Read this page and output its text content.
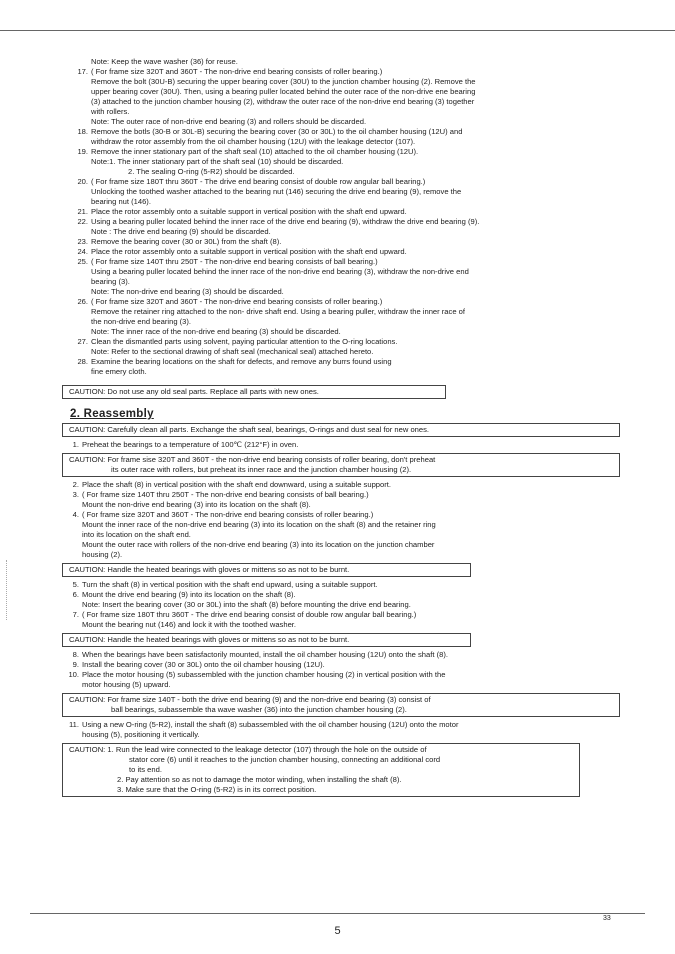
Note: Keep the wave washer (36) for reuse.

17. ( For frame size 320T and 360T - The non-drive end bearing consists of roller bearing.)
Remove the bolt (30U-B) securing the upper bearing cover (30U) to the junction chamber housing (2). Remove the
upper bearing cover (30U). Then, using a bearing puller located behind the outer race of the non-drive ene bearing
(3) attached to the junction chamber housing (2), withdraw the outer race of the non-drive end bearing (3) together
with rollers.
Note: The outer race of non-drive end bearing (3) and rollers should be discarded.
18. Remove the botls (30-B or 30L-B) securing the bearing cover (30 or 30L) to the oil chamber housing (12U) and
withdraw the rotor assembly from the oil chamber housing (12U) with the leakage detector (107).
19. Remove the inner stationary part of the shaft seal (10) attached to the oil chamber housing (12U).
Note:1. The inner stationary part of the shaft seal (10) should be discarded.
2. The sealing O-ring (5-R2) should be discarded.
20. ( For frame size 180T thru 360T - The drive end bearing consist of double row angular ball bearing.)
Unlocking the toothed washer attached to the bearing nut (146) securing the drive end bearing (9), remove the
bearing nut (146).
21. Place the rotor assembly onto a suitable support in vertical position with the shaft end upward.
22. Using a bearing puller located behind the inner race of the drive end bearing (9), withdraw the drive end bearing (9).
Note : The drive end bearing (9) should be discarded.
23. Remove the bearing cover (30 or 30L) from the shaft (8).
24. Place the rotor assembly onto a suitable support in vertical position with the shaft end upward.
25. ( For frame size 140T thru 250T - The non-drive end bearing consists of ball bearing.)
Using a bearing puller located behind the inner race of the non-drive end bearing (3), withdraw the non-drive end
bearing (3).
Note: The non-drive end bearing (3) should be discarded.
26. ( For frame size 320T and 360T - The non-drive end bearing consists of roller bearing.)
Remove the retainer ring attached to the non- drive shaft end. Using a bearing puller, withdraw the inner race of
the non-drive end bearing (3).
Note: The inner race of the non-drive end bearing (3) should be discarded.
27. Clean the dismantled parts using solvent, paying particular attention to the O-ring locations.
Note: Refer to the sectional drawing of shaft seal (mechanical seal) attached hereto.
28. Examine the bearing locations on the shaft for defects, and remove any burrs found using
fine emery cloth.
CAUTION: Do not use any old seal parts. Replace all parts with new ones.
2. Reassembly
CAUTION: Carefully clean all parts. Exchange the shaft seal, bearings, O-rings and dust seal for new ones.
1. Preheat the bearings to a temperature of 100℃ (212°F) in oven.
CAUTION: For frame sise 320T and 360T - the non-drive end bearing consists of roller bearing, don't preheat
its outer race with rollers, but preheat its inner race and the junction chamber housing (2).
2. Place the shaft (8) in vertical position with the shaft end downward, using a suitable support.
3. ( For frame size 140T thru 250T - The non-drive end bearing consists of ball bearing.)
Mount the non-drive end bearing (3) into its location on the shaft (8).
4. ( For frame size 320T and 360T - The non-drive end bearing consists of roller bearing.)
Mount the inner race of the non-drive end bearing (3) into its location on the shaft (8) and the retainer ring
into its location on the shaft end.
Mount the outer race with rollers of the non-drive end bearing (3) into its location on the junction chamber
housing (2).
CAUTION: Handle the heated bearings with gloves or mittens so as not to be burnt.
5. Turn the shaft (8) in vertical position with the shaft end upward, using a suitable support.
6. Mount the drive end bearing (9) into its location on the shaft (8).
Note: Insert the bearing cover (30 or 30L) into the shaft (8) before mounting the drive end bearing.
7. ( For frame size 180T thru 360T - The drive end bearing consist of double row angular ball bearing.)
Mount the bearing nut (146) and lock it with the toothed washer.
CAUTION: Handle the heated bearings with gloves or mittens so as not to be burnt.
8. When the bearings have been satisfactorily mounted, install the oil chamber housing (12U) onto the shaft (8).
9. Install the bearing cover (30 or 30L) onto the oil chamber housing (12U).
10. Place the motor housing (5) subassembled with the junction chamber housing (2) in vertical position with the
motor housing (5) upward.
CAUTION: For frame size 140T - both the drive end bearing (9) and the non-drive end bearing (3) consist of
ball bearings, subassemble tha wave washer (36) into the junction chamber housing (2).
11. Using a new O-ring (5-R2), install the shaft (8) subassembled with the oil chamber housing (12U) onto the motor
housing (5), positioning it vertically.
CAUTION: 1. Run the lead wire connected to the leakage detector (107) through the hole on the outside of
stator core (6) until it reaches to the junction chamber housing, connecting an additional cord
to its end.
2. Pay attention so as not to damage the motor winding, when installing the shaft (8).
3. Make sure that the O-ring (5-R2) is in its correct position.
33
5
